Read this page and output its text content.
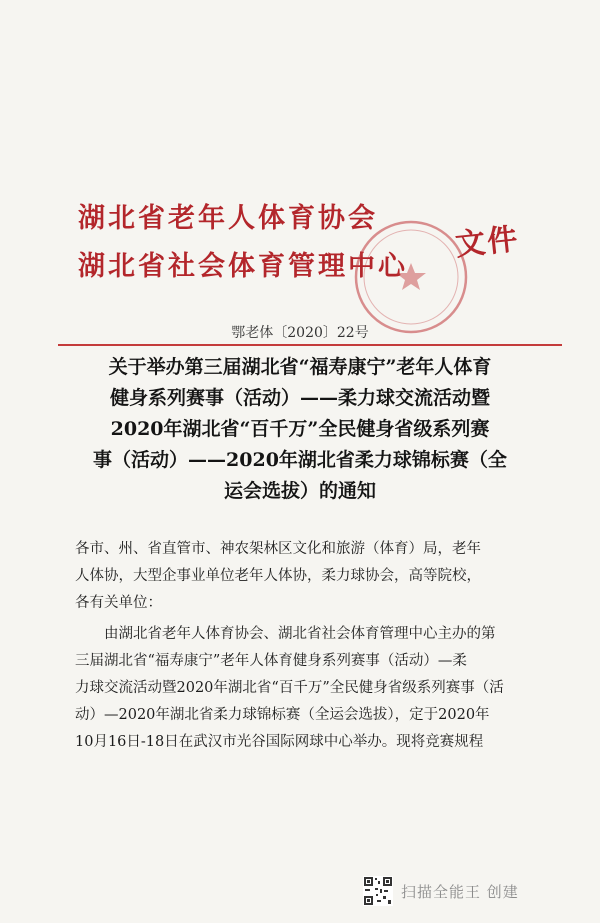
湖北省老年人体育协会
湖北省社会体育管理中心
文件
鄂老体〔2020〕22号
关于举办第三届湖北省“福寿康宁”老年人体育
健身系列赛事（活动）——柔力球交流活动暨
2020年湖北省“百千万”全民健身省级系列赛
事（活动）——2020年湖北省柔力球锦标赛（全
运会选拔）的通知
各市、州、省直管市、神农架林区文化和旅游（体育）局，老年
人体协，大型企事业单位老年人体协，柔力球协会，高等院校，
各有关单位：
由湖北省老年人体育协会、湖北省社会体育管理中心主办的第
三届湖北省“福寿康宁”老年人体育健身系列赛事（活动）—柔
力球交流活动暨2020年湖北省“百千万”全民健身省级系列赛事（活
动）—2020年湖北省柔力球锦标赛（全运会选拔），定于2020年
10月16日-18日在武汉市光谷国际网球中心举办。现将竞赛规程
扫描全能王 创建
